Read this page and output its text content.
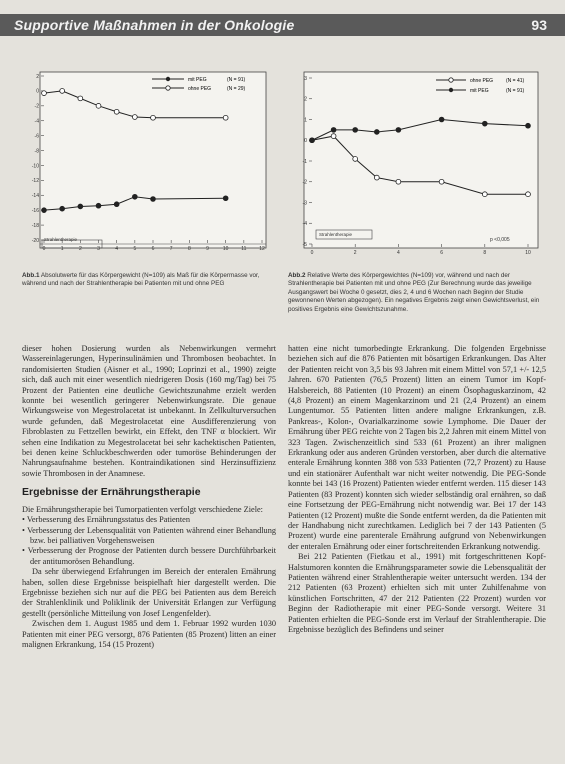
Supportive Maßnahmen in der Onkologie	93
Strahlentherapie
mit PEG	(N = 91)
ohne PEG	(N = 29)
-20
-18
-16
-14
-12
-10
-8
-6
-4
-2
0
2
0	1	2	3	4	5	6	7	8	9	10	11	12
Strahlentherapie
p <0,005
ohne PEG	(N = 41)
mit PEG	(N = 91)
-5
-4
-3
-2
-1
0
1
2
3
0	2	4	6	8	10
Abb.1 Absolutwerte für das Körpergewicht (N=109) als Maß für die Körpermasse vor, während und nach der Strahlentherapie bei Patienten mit und ohne PEG
Abb.2 Relative Werte des Körpergewichtes (N=109) vor, während und nach der Strahlentherapie bei Patienten mit und ohne PEG (Zur Berechnung wurde das jeweilige Ausgangswert bei Woche 0 gesetzt, dies 2, 4 und 6 Wochen nach Beginn der Studie gewonnenen Werten abgezogen). Ein negatives Ergebnis zeigt einen Gewichtsverlust, ein positives Ergebnis eine Gewichtszunahme.

dieser hohen Dosierung wurden als Nebenwirkungen vermehrt Wassereinlagerungen, Hyperinsulinämien und Thrombosen beobachtet. In randomisierten Studien (Aisner et al., 1990; Loprinzi et al., 1990) zeigte sich, daß auch mit einer wesentlich niedrigeren Dosis (160 mg/Tag) bei 75 Prozent der Patienten eine deutliche Gewichtszunahme erzielt werden konnte bei wesentlich geringerer Nebenwirkungsrate. Die genaue Wirkungsweise von Megestrolacetat ist unbekannt. In Zellkulturversuchen wurde gefunden, daß Megestrolacetat eine Ausdifferenzierung von Fibroblasten zu Fettzellen bewirkt, ein Effekt, den TNF α blockiert. Wir sehen eine Indikation zu Megestrolacetat bei sehr kachektischen Patienten, bei denen keine Schluckbeschwerden oder tumoröse Behinderungen der Nahrungsaufnahme bestehen. Kontraindikationen sind Herzinsuffizienz sowie Thrombosen in der Anamnese.

Ergebnisse der Ernährungstherapie

Die Ernährungstherapie bei Tumorpatienten verfolgt verschiedene Ziele:

• Verbesserung des Ernährungsstatus des Patienten

• Verbesserung der Lebensqualität von Patienten während einer Behandlung bzw. bei palliativen Vorgehensweisen

• Verbesserung der Prognose der Patienten durch bessere Durchführbarkeit der antitumorösen Behandlung.

Da sehr überwiegend Erfahrungen im Bereich der enteralen Ernährung haben, sollen diese Ergebnisse beispielhaft hier dargestellt werden. Die Ergebnisse beziehen sich nur auf die PEG bei Patienten aus dem Bereich der Strahlenklinik und Poliklinik der Universität Erlangen zur Verfügung gestellt (persönliche Mitteilung von Josef Lengenfelder).

Zwischen dem 1. August 1985 und dem 1. Februar 1992 wurden 1030 Patienten mit einer PEG versorgt, 876 Patienten (85 Prozent) litten an einer malignen Erkrankung, 154 (15 Prozent)

hatten eine nicht tumorbedingte Erkrankung. Die folgenden Ergebnisse beziehen sich auf die 876 Patienten mit bösartigen Erkrankungen. Das Alter der Patienten reicht von 3,5 bis 93 Jahren mit einem Mittel von 57,1 +/- 12,5 Jahren. 670 Patienten (76,5 Prozent) litten an einem Tumor im Kopf-Halsbereich, 88 Patienten (10 Prozent) an einem Ösophaguskarzinom, 42 (4,8 Prozent) an einem Magenkarzinom und 21 (2,4 Prozent) an einem Lungentumor. 55 Patienten litten andere maligne Erkrankungen, z.B. Pankreas-, Kolon-, Ovarialkarzinome sowie Lymphome. Die Dauer der Ernährung über PEG reichte von 2 Tagen bis 2,2 Jahren mit einem Mittel von 323 Tagen. Zwischenzeitlich sind 533 (61 Prozent) an ihrer malignen Erkrankung oder aus anderen Gründen verstorben, aber durch die alternative enterale Ernährung konnten 388 von 533 Patienten (72,7 Prozent) zu Hause und ein stationärer Aufenthalt war nicht weiter notwendig. Die PEG-Sonde konnte bei 143 (16 Prozent) Patienten wieder entfernt werden. 115 dieser 143 Patienten (83 Prozent) konnten sich wieder selbständig oral ernähren, so daß eine Fortsetzung der PEG-Ernährung nicht notwendig war. Bei 17 der 143 Patienten (12 Prozent) mußte die Sonde entfernt werden, da die Patienten mit der Handhabung nicht zurechtkamen. Lediglich bei 7 der 143 Patienten (5 Prozent) wurde eine parenterale Ernährung aufgrund von Nebenwirkungen der enteralen Ernährung oder einer fortschreitenden Erkrankung notwendig.

Bei 212 Patienten (Fietkau et al., 1991) mit fortgeschrittenen Kopf-Halstumoren konnten die Ernährungsparameter sowie die Lebensqualität der Patienten während einer Strahlentherapie weiter untersucht werden. 134 der 212 Patienten (63 Prozent) erhielten sich mit unter Zuhilfenahme von künstlichen Fortschritten, 47 der 212 Patienten (22 Prozent) wurden vor Beginn der Radiotherapie mit einer PEG-Sonde versorgt. Weitere 31 Patienten erhielten die PEG-Sonde erst im Verlauf der Strahlentherapie. Die Ergebnisse bezüglich des Befindens und seiner
